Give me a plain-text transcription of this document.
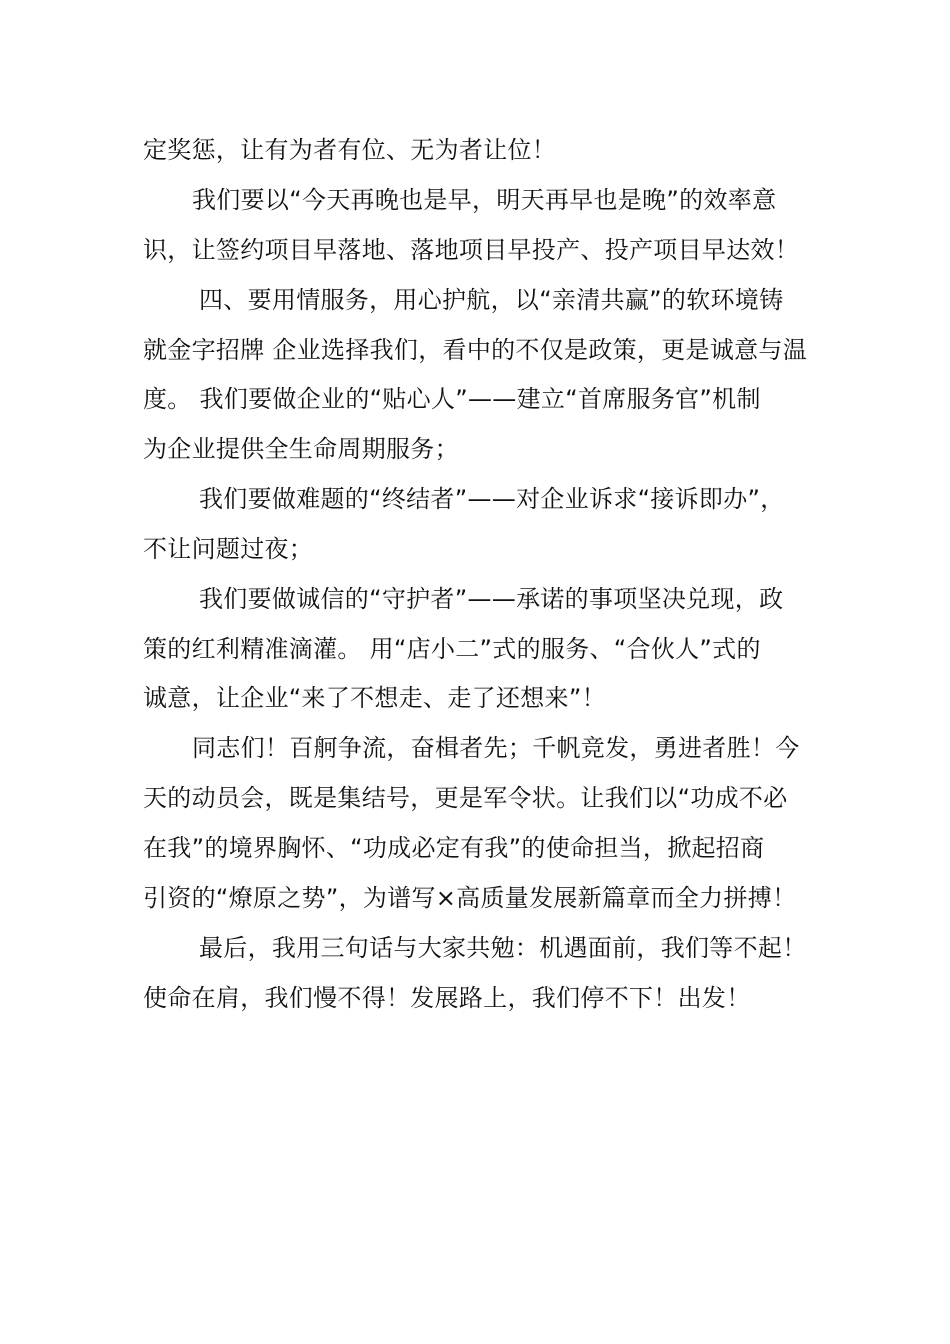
定奖惩，让有为者有位、无为者让位！
我们要以“今天再晚也是早，明天再早也是晚”的效率意
识，让签约项目早落地、落地项目早投产、投产项目早达效！
四、要用情服务，用心护航，以“亲清共赢”的软环境铸
就金字招牌 企业选择我们，看中的不仅是政策，更是诚意与温
度。 我们要做企业的“贴心人”——建立“首席服务官”机制
为企业提供全生命周期服务；
我们要做难题的“终结者”——对企业诉求“接诉即办”，
不让问题过夜；
我们要做诚信的“守护者”——承诺的事项坚决兑现，政
策的红利精准滴灌。 用“店小二”式的服务、“合伙人”式的
诚意，让企业“来了不想走、走了还想来”！
同志们！百舸争流，奋楫者先；千帆竞发，勇进者胜！今
天的动员会，既是集结号，更是军令状。让我们以“功成不必
在我”的境界胸怀、“功成必定有我”的使命担当，掀起招商
引资的“燎原之势”，为谱写×高质量发展新篇章而全力拼搏！
最后，我用三句话与大家共勉：机遇面前，我们等不起！
使命在肩，我们慢不得！发展路上，我们停不下！出发！
